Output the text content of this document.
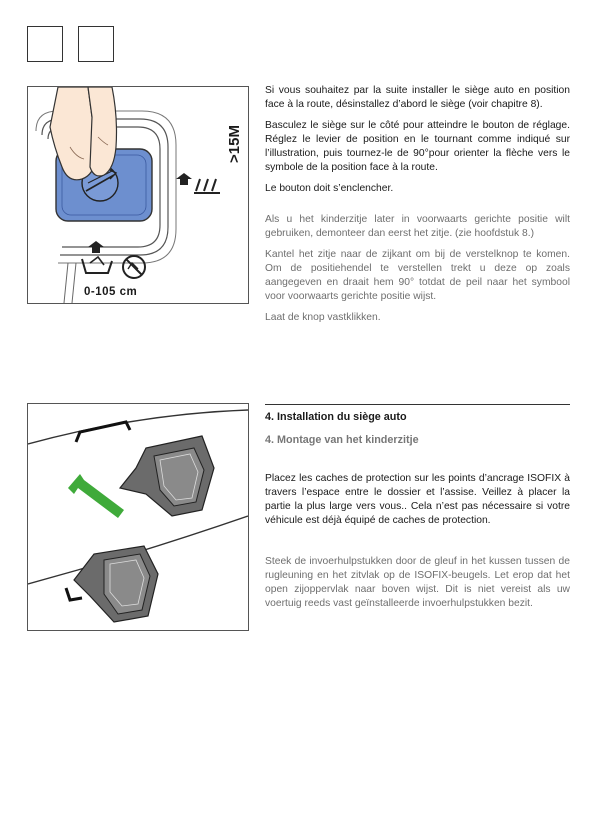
>15M
0-105 cm

Si vous souhaitez par la suite installer le siège auto en position face à la route, désinstallez d’abord le siège (voir chapitre 8).

Basculez le siège sur le côté pour atteindre le bouton de réglage. Réglez le levier de position en le tournant comme indiqué sur l’illustration, puis tournez-le de 90°pour orienter la flèche vers le symbole de la position face à la route.

Le bouton doit s’enclencher.

Als u het kinderzitje later in voorwaarts gerichte positie wilt gebruiken, demonteer dan eerst het zitje. (zie hoofdstuk 8.)

Kantel het zitje naar de zijkant om bij de verstelknop te komen. Om de positiehendel te verstellen trekt u deze op zoals aangegeven en draait hem 90° totdat de peil naar het symbool voor voorwaarts gerichte positie wijst.

Laat de knop vastklikken.

4. Installation du siège auto

4. Montage van het kinderzitje

Placez les caches de protection sur les points d’ancrage ISOFIX à travers l’espace entre le dossier et l’assise. Veillez à placer la partie la plus large vers vous.. Cela n’est pas nécessaire si votre véhicule est déjà équipé de caches de protection.

Steek de invoerhulpstukken door de gleuf in het kussen tussen de rugleuning en het zitvlak op de ISOFIX-beugels. Let erop dat het open zijoppervlak naar boven wijst. Dit is niet vereist als uw voertuig reeds vast geïnstalleerde invoerhulpstukken bezit.
